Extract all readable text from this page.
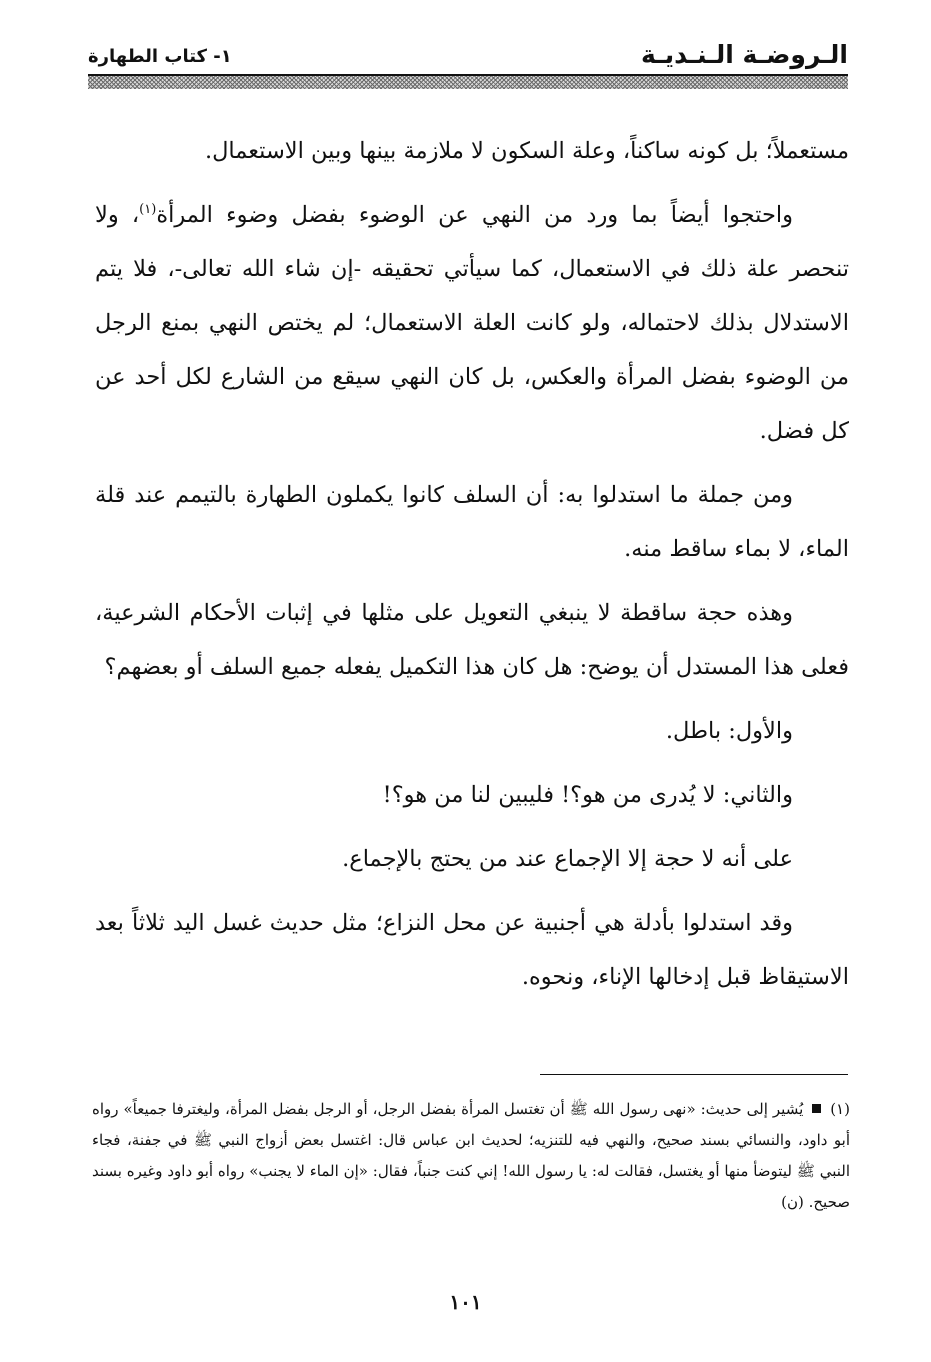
الـروضـة الـنـديـة
١- كتاب الطهارة

مستعملاً؛ بل كونه ساكناً، وعلة السكون لا ملازمة بينها وبين الاستعمال.

واحتجوا أيضاً بما ورد من النهي عن الوضوء بفضل وضوء المرأة$^{(١)}$، ولا تنحصر علة ذلك في الاستعمال، كما سيأتي تحقيقه -إن شاء الله تعالى-، فلا يتم الاستدلال بذلك لاحتماله، ولو كانت العلة الاستعمال؛ لم يختص النهي بمنع الرجل من الوضوء بفضل المرأة والعكس، بل كان النهي سيقع من الشارع لكل أحد عن كل فضل.

ومن جملة ما استدلوا به: أن السلف كانوا يكملون الطهارة بالتيمم عند قلة الماء، لا بماء ساقط منه.

وهذه حجة ساقطة لا ينبغي التعويل على مثلها في إثبات الأحكام الشرعية، فعلى هذا المستدل أن يوضح: هل كان هذا التكميل يفعله جميع السلف أو بعضهم؟

والأول: باطل.

والثاني: لا يُدرى من هو؟! فليبين لنا من هو؟!

على أنه لا حجة إلا الإجماع عند من يحتج بالإجماع.

وقد استدلوا بأدلة هي أجنبية عن محل النزاع؛ مثل حديث غسل اليد ثلاثاً بعد الاستيقاظ قبل إدخالها الإناء، ونحوه.

(١)  يُشير إلى حديث: «نهى رسول الله ﷺ أن تغتسل المرأة بفضل الرجل، أو الرجل بفضل المرأة، وليغترفا جميعاً» رواه أبو داود، والنسائي بسند صحيح، والنهي فيه للتنزيه؛ لحديث ابن عباس قال: اغتسل بعض أزواج النبي ﷺ في جفنة، فجاء النبي ﷺ ليتوضأ منها أو يغتسل، فقالت له: يا رسول الله! إني كنت جنباً، فقال: «إن الماء لا يجنب» رواه أبو داود وغيره بسند صحيح. (ن)
١٠١
